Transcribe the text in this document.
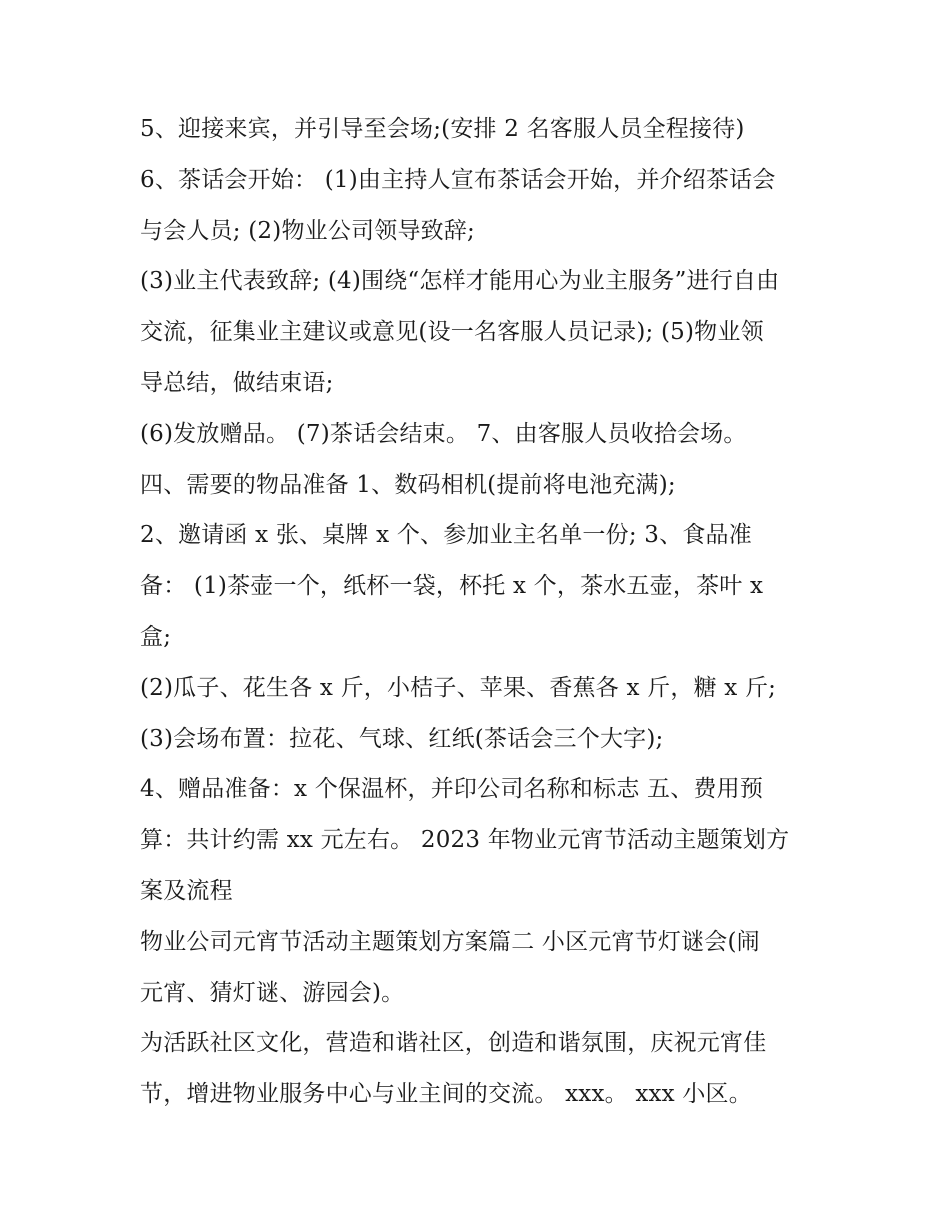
5、迎接来宾，并引导至会场;(安排 2 名客服人员全程接待)
6、茶话会开始： (1)由主持人宣布茶话会开始，并介绍茶话会
与会人员; (2)物业公司领导致辞;
(3)业主代表致辞; (4)围绕“怎样才能用心为业主服务”进行自由
交流，征集业主建议或意见(设一名客服人员记录); (5)物业领
导总结，做结束语;
(6)发放赠品。 (7)茶话会结束。 7、由客服人员收拾会场。
四、需要的物品准备 1、数码相机(提前将电池充满);
2、邀请函 x 张、桌牌 x 个、参加业主名单一份; 3、食品准
备： (1)茶壶一个，纸杯一袋，杯托 x 个，茶水五壶，茶叶 x
盒;
(2)瓜子、花生各 x 斤，小桔子、苹果、香蕉各 x 斤，糖 x 斤;
(3)会场布置：拉花、气球、红纸(茶话会三个大字);
4、赠品准备：x 个保温杯，并印公司名称和标志 五、费用预
算：共计约需 xx 元左右。 2023 年物业元宵节活动主题策划方
案及流程
物业公司元宵节活动主题策划方案篇二 小区元宵节灯谜会(闹
元宵、猜灯谜、游园会)。
为活跃社区文化，营造和谐社区，创造和谐氛围，庆祝元宵佳
节，增进物业服务中心与业主间的交流。 xxx。 xxx 小区。
